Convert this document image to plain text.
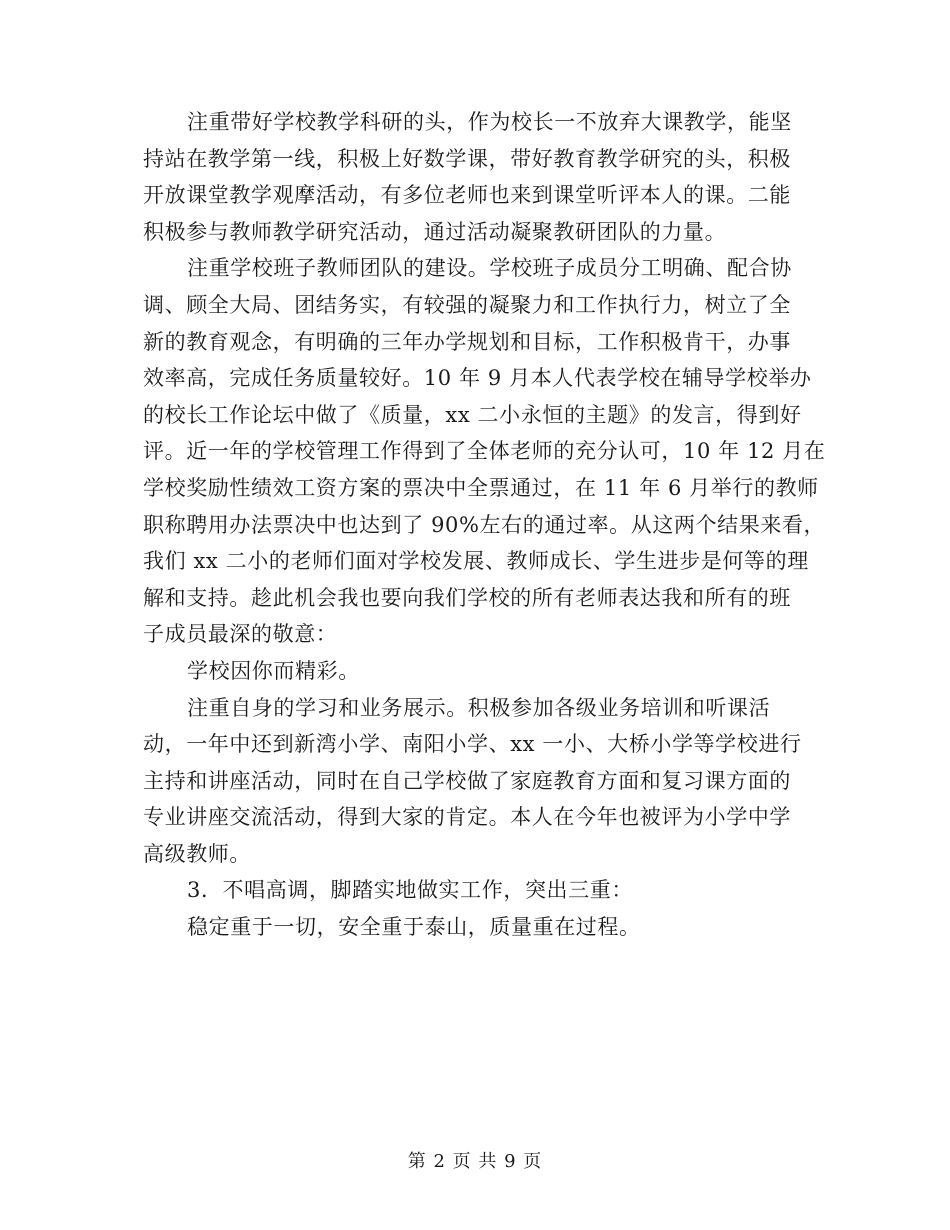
注重带好学校教学科研的头，作为校长一不放弃大课教学，能坚
持站在教学第一线，积极上好数学课，带好教育教学研究的头，积极
开放课堂教学观摩活动，有多位老师也来到课堂听评本人的课。二能
积极参与教师教学研究活动，通过活动凝聚教研团队的力量。
注重学校班子教师团队的建设。学校班子成员分工明确、配合协
调、顾全大局、团结务实，有较强的凝聚力和工作执行力，树立了全
新的教育观念，有明确的三年办学规划和目标，工作积极肯干，办事
效率高，完成任务质量较好。10 年 9 月本人代表学校在辅导学校举办
的校长工作论坛中做了《质量，xx 二小永恒的主题》的发言，得到好
评。近一年的学校管理工作得到了全体老师的充分认可，10 年 12 月在
学校奖励性绩效工资方案的票决中全票通过，在 11 年 6 月举行的教师
职称聘用办法票决中也达到了 90%左右的通过率。从这两个结果来看，
我们 xx 二小的老师们面对学校发展、教师成长、学生进步是何等的理
解和支持。趁此机会我也要向我们学校的所有老师表达我和所有的班
子成员最深的敬意：
学校因你而精彩。
注重自身的学习和业务展示。积极参加各级业务培训和听课活
动，一年中还到新湾小学、南阳小学、xx 一小、大桥小学等学校进行
主持和讲座活动，同时在自己学校做了家庭教育方面和复习课方面的
专业讲座交流活动，得到大家的肯定。本人在今年也被评为小学中学
高级教师。
3．不唱高调，脚踏实地做实工作，突出三重：
稳定重于一切，安全重于泰山，质量重在过程。
第 2 页 共 9 页
